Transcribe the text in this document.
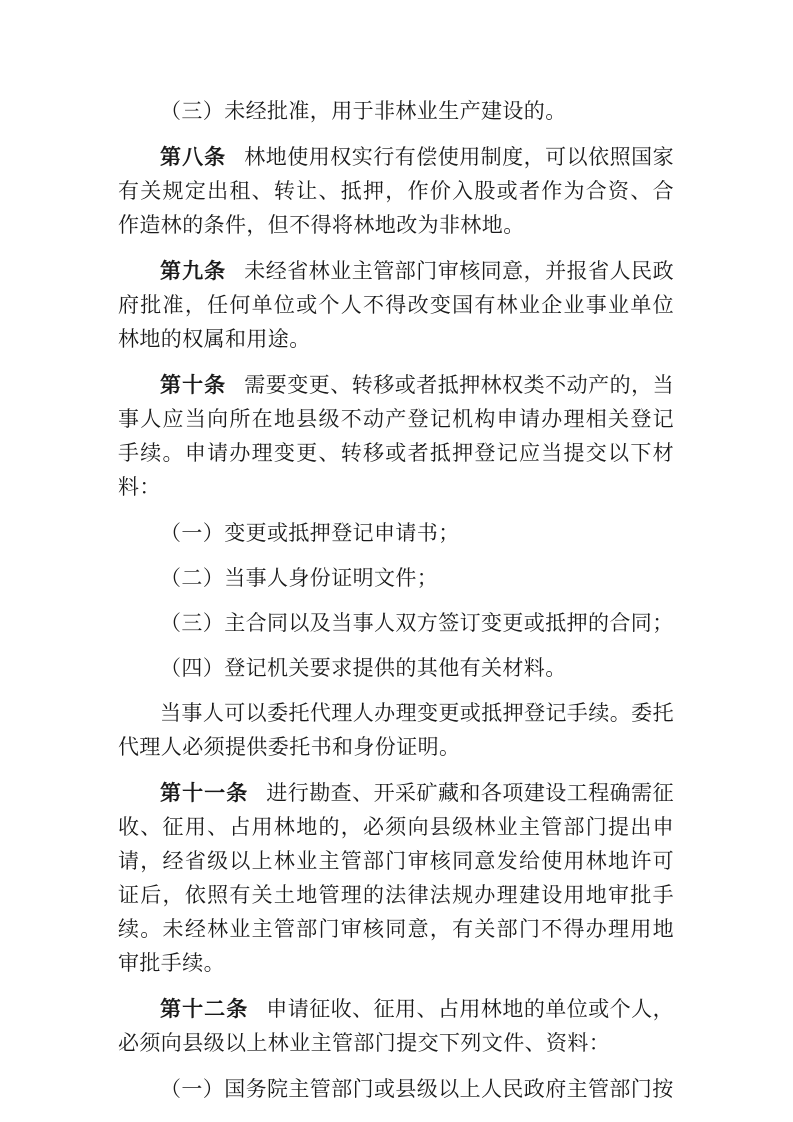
（三）未经批准，用于非林业生产建设的。

第八条 林地使用权实行有偿使用制度，可以依照国家有关规定出租、转让、抵押，作价入股或者作为合资、合作造林的条件，但不得将林地改为非林地。

第九条 未经省林业主管部门审核同意，并报省人民政府批准，任何单位或个人不得改变国有林业企业事业单位林地的权属和用途。

第十条 需要变更、转移或者抵押林权类不动产的，当事人应当向所在地县级不动产登记机构申请办理相关登记手续。申请办理变更、转移或者抵押登记应当提交以下材料：

（一）变更或抵押登记申请书；

（二）当事人身份证明文件；

（三）主合同以及当事人双方签订变更或抵押的合同；

（四）登记机关要求提供的其他有关材料。

当事人可以委托代理人办理变更或抵押登记手续。委托代理人必须提供委托书和身份证明。

第十一条 进行勘查、开采矿藏和各项建设工程确需征收、征用、占用林地的，必须向县级林业主管部门提出申请，经省级以上林业主管部门审核同意发给使用林地许可证后，依照有关土地管理的法律法规办理建设用地审批手续。未经林业主管部门审核同意，有关部门不得办理用地审批手续。

第十二条 申请征收、征用、占用林地的单位或个人，必须向县级以上林业主管部门提交下列文件、资料：

（一）国务院主管部门或县级以上人民政府主管部门按
